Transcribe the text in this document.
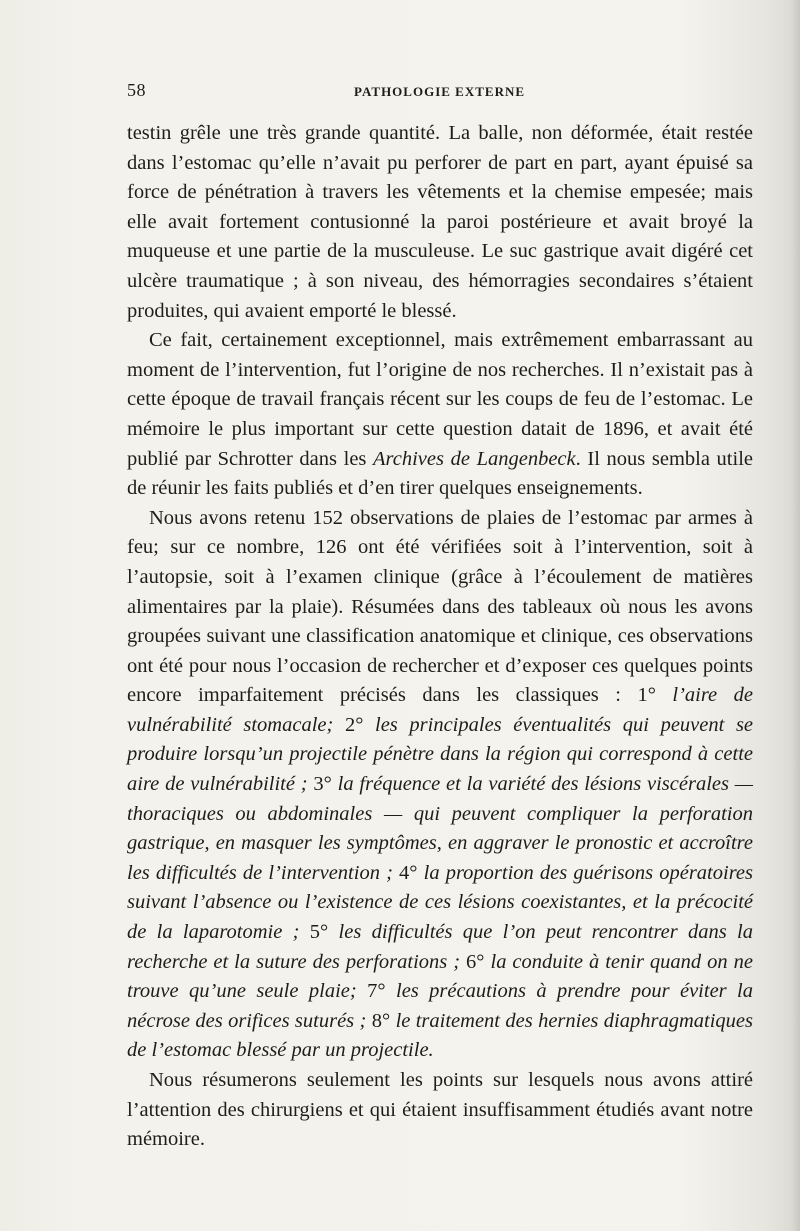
58	PATHOLOGIE EXTERNE

testin grêle une très grande quantité. La balle, non déformée, était restée dans l’estomac qu’elle n’avait pu perforer de part en part, ayant épuisé sa force de pénétration à travers les vêtements et la chemise empesée; mais elle avait fortement contusionné la paroi postérieure et avait broyé la muqueuse et une partie de la musculeuse. Le suc gastrique avait digéré cet ulcère traumatique ; à son niveau, des hémorragies secondaires s’étaient produites, qui avaient emporté le blessé.

Ce fait, certainement exceptionnel, mais extrêmement embarrassant au moment de l’intervention, fut l’origine de nos recherches. Il n’existait pas à cette époque de travail français récent sur les coups de feu de l’estomac. Le mémoire le plus important sur cette question datait de 1896, et avait été publié par Schrotter dans les Archives de Langenbeck. Il nous sembla utile de réunir les faits publiés et d’en tirer quelques enseignements.

Nous avons retenu 152 observations de plaies de l’estomac par armes à feu; sur ce nombre, 126 ont été vérifiées soit à l’intervention, soit à l’autopsie, soit à l’examen clinique (grâce à l’écoulement de matières alimentaires par la plaie). Résumées dans des tableaux où nous les avons groupées suivant une classification anatomique et clinique, ces observations ont été pour nous l’occasion de rechercher et d’exposer ces quelques points encore imparfaitement précisés dans les classiques : 1° l’aire de vulnérabilité stomacale; 2° les principales éventualités qui peuvent se produire lorsqu’un projectile pénètre dans la région qui correspond à cette aire de vulnérabilité ; 3° la fréquence et la variété des lésions viscérales — thoraciques ou abdominales — qui peuvent compliquer la perforation gastrique, en masquer les symptômes, en aggraver le pronostic et accroître les difficultés de l’intervention ; 4° la proportion des guérisons opératoires suivant l’absence ou l’existence de ces lésions coexistantes, et la précocité de la laparotomie ; 5° les difficultés que l’on peut rencontrer dans la recherche et la suture des perforations ; 6° la conduite à tenir quand on ne trouve qu’une seule plaie; 7° les précautions à prendre pour éviter la nécrose des orifices suturés ; 8° le traitement des hernies diaphragmatiques de l’estomac blessé par un projectile.

Nous résumerons seulement les points sur lesquels nous avons attiré l’attention des chirurgiens et qui étaient insuffisamment étudiés avant notre mémoire.
